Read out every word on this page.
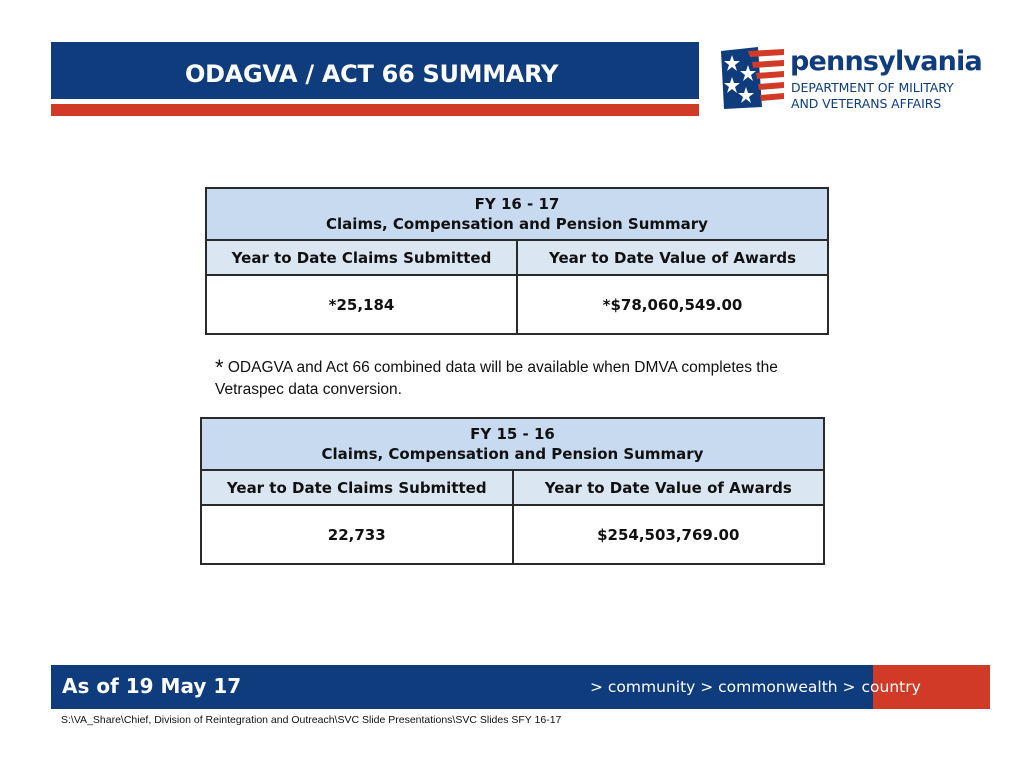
ODAGVA / ACT 66 SUMMARY	pennsylvania
DEPARTMENT OF MILITARY
AND VETERANS AFFAIRS
FY 16 - 17
Claims, Compensation and Pension Summary	

Year to Date Claims Submitted	Year to Date Value of Awards
*25,184	*$78,060,549.00
* ODAGVA and Act 66 combined data will be available when DMVA completes the Vetraspec data conversion.
FY 15 - 16
Claims, Compensation and Pension Summary	

Year to Date Claims Submitted	Year to Date Value of Awards
22,733	$254,503,769.00
As of 19 May 17	> community > commonwealth > country
S:\VA_Share\Chief, Division of Reintegration and Outreach\SVC Slide Presentations\SVC Slides SFY 16-17
